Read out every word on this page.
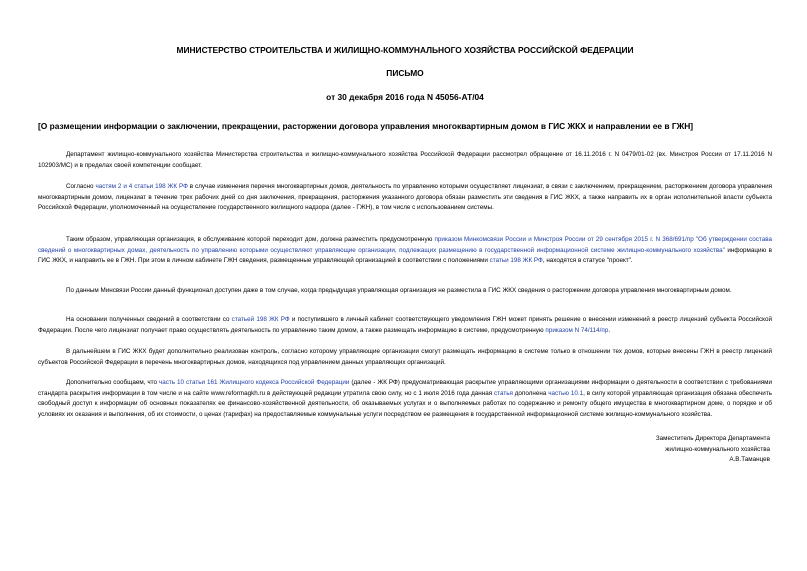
МИНИСТЕРСТВО СТРОИТЕЛЬСТВА И ЖИЛИЩНО-КОММУНАЛЬНОГО ХОЗЯЙСТВА РОССИЙСКОЙ ФЕДЕРАЦИИ
ПИСЬМО
от 30 декабря 2016 года N 45056-АТ/04
[О размещении информации о заключении, прекращении, расторжении договора управления многоквартирным домом в ГИС ЖКХ и направлении ее в ГЖН]
Департамент жилищно-коммунального хозяйства Министерства строительства и жилищно-коммунального хозяйства Российской Федерации рассмотрел обращение от 16.11.2016 г. N 0479/01-02 (вх. Минстроя России от 17.11.2016 N 102903/МС) и в пределах своей компетенции сообщает.
Согласно частям 2 и 4 статьи 198 ЖК РФ в случае изменения перечня многоквартирных домов, деятельность по управлению которыми осуществляет лицензиат, в связи с заключением, прекращением, расторжением договора управления многоквартирным домом, лицензиат в течение трех рабочих дней со дня заключения, прекращения, расторжения указанного договора обязан разместить эти сведения в ГИС ЖКХ, а также направить их в орган исполнительной власти субъекта Российской Федерации, уполномоченный на осуществление государственного жилищного надзора (далее - ГЖН), в том числе с использованием системы.
Таким образом, управляющая организация, в обслуживание которой переходит дом, должна разместить предусмотренную приказом Минкомсвязи России и Минстроя России от 29 сентября 2015 г. N 368/691/пр "Об утверждении состава сведений о многоквартирных домах, деятельность по управлению которыми осуществляют управляющие организации, подлежащих размещению в государственной информационной системе жилищно-коммунального хозяйства" информацию в ГИС ЖКХ, и направить ее в ГЖН. При этом в личном кабинете ГЖН сведения, размещенные управляющей организацией в соответствии с положениями статьи 198 ЖК РФ, находятся в статусе "проект".
По данным Минсвязи России данный функционал доступен даже в том случае, когда предыдущая управляющая организация не разместила в ГИС ЖКХ сведения о расторжении договора управления многоквартирным домом.
На основании полученных сведений в соответствии со статьей 198 ЖК РФ и поступившего в личный кабинет соответствующего уведомления ГЖН может принять решение о внесении изменений в реестр лицензий субъекта Российской Федерации. После чего лицензиат получает право осуществлять деятельность по управлению таким домом, а также размещать информацию в системе, предусмотренную приказом N 74/114/пр.
В дальнейшем в ГИС ЖКХ будет дополнительно реализован контроль, согласно которому управляющие организации смогут размещать информацию в системе только в отношении тех домов, которые внесены ГЖН в реестр лицензий субъектов Российской Федерации в перечень многоквартирных домов, находящихся под управлением данных управляющих организаций.
Дополнительно сообщаем, что часть 10 статьи 161 Жилищного кодекса Российской Федерации (далее - ЖК РФ) предусматривающая раскрытие управляющими организациями информации о деятельности в соответствии с требованиями стандарта раскрытия информации в том числе и на сайте www.reformagkh.ru в действующей редакции утратила свою силу, но с 1 июля 2016 года данная статья дополнена частью 10.1, в силу которой управляющая организация обязана обеспечить свободный доступ к информации об основных показателях ее финансово-хозяйственной деятельности, об оказываемых услугах и о выполняемых работах по содержанию и ремонту общего имущества в многоквартирном доме, о порядке и об условиях их оказания и выполнения, об их стоимости, о ценах (тарифах) на предоставляемые коммунальные услуги посредством ее размещения в государственной информационной системе жилищно-коммунального хозяйства.
Заместитель Директора Департамента
жилищно-коммунального хозяйства
А.В.Таманцев
